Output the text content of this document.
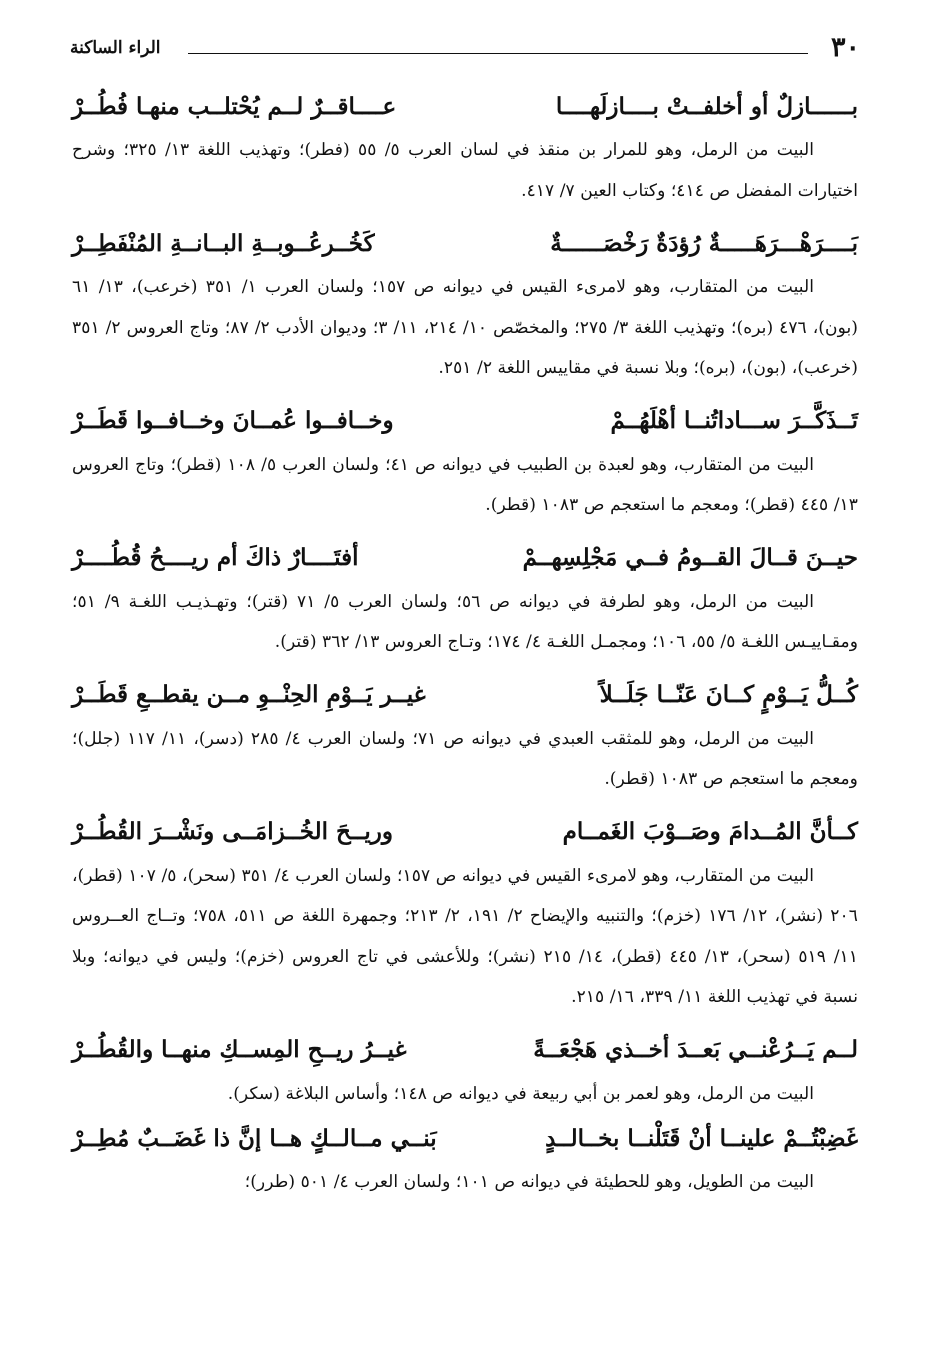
٣٠
الراء الساكنة
بــــــازلٌ أو أخلفــتْ بــــازلَهــــا
عــــاقــرٌ لــم يُحْتلــب منهـا فُطُــرْ

البيت من الرمل، وهو للمرار بن منقذ في لسان العرب ٥/ ٥٥ (فطر)؛ وتهذيب اللغة ١٣/ ٣٢٥؛ وشرح اختيارات المفضل ص ٤١٤؛ وكتاب العين ٧/ ٤١٧.

بَــــرَهْـــرَهَـــــةٌ رُؤدَةٌ رَخْصَــــــةٌ
كَخُــرعُــوبــةِ البــانــةِ المُنْفَطِــرْ

البيت من المتقارب، وهو لامرىء القيس في ديوانه ص ١٥٧؛ ولسان العرب ١/ ٣٥١ (خرعب)، ١٣/ ٦١ (بون)، ٤٧٦ (بره)؛ وتهذيب اللغة ٣/ ٢٧٥؛ والمخصّص ١٠/ ٢١٤، ١١/ ٣؛ وديوان الأدب ٢/ ٨٧؛ وتاج العروس ٢/ ٣٥١ (خرعب)، (بون)، (بره)؛ وبلا نسبة في مقاييس اللغة ٢/ ٢٥١.

تَــذَكَّــرَ ســـاداتُنــا أهْلَهُــمْ
وخــافــوا عُمــانَ وخــافــوا قَطَــرْ

البيت من المتقارب، وهو لعبدة بن الطبيب في ديوانه ص ٤١؛ ولسان العرب ٥/ ١٠٨ (قطر)؛ وتاج العروس ١٣/ ٤٤٥ (قطر)؛ ومعجم ما استعجم ص ١٠٨٣ (قطر).

حيــنَ قــالَ القــومُ فــي مَجْلِسِهــمْ
أفتَــــارٌ ذاكَ أم ريــــحُ قُطُــــرْ

البيت من الرمل، وهو لطرفة في ديوانه ص ٥٦؛ ولسان العرب ٥/ ٧١ (قتر)؛ وتهـذيـب اللغـة ٩/ ٥١؛ ومقـاييـس اللغـة ٥/ ٥٥، ١٠٦؛ ومجمـل اللغـة ٤/ ١٧٤؛ وتـاج العروس ١٣/ ٣٦٢ (قتر).

كُــلُّ يَــوْمٍ كــانَ عَنّــا جَلَــلاً
غيــر يَــوْمِ الحِنْــوِ مــن يقطــعِ قَطَــرْ

البيت من الرمل، وهو للمثقب العبدي في ديوانه ص ٧١؛ ولسان العرب ٤/ ٢٨٥ (دسر)، ١١/ ١١٧ (جلل)؛ ومعجم ما استعجم ص ١٠٨٣ (قطر).

كــأنَّ المُــدامَ وصَــوْبَ الغَمــام
وريــحَ الخُــزامَــى ونَشْــرَ القُطُــرْ

البيت من المتقارب، وهو لامرىء القيس في ديوانه ص ١٥٧؛ ولسان العرب ٤/ ٣٥١ (سحر)، ٥/ ١٠٧ (قطر)، ٢٠٦ (نشر)، ١٢/ ١٧٦ (خزم)؛ والتنبيه والإيضاح ٢/ ١٩١، ٢/ ٢١٣؛ وجمهرة اللغة ص ٥١١، ٧٥٨؛ وتــاج العــروس ١١/ ٥١٩ (سحر)، ١٣/ ٤٤٥ (قطر)، ١٤/ ٢١٥ (نشر)؛ وللأعشى في تاج العروس (خزم)؛ وليس في ديوانه؛ وبلا نسبة في تهذيب اللغة ١١/ ٣٣٩، ١٦/ ٢١٥.

لــم يَــرُعْنــي بَعــدَ أخــذي هَجْعَــةً
غيــرُ ريــحِ المِســكِ منهــا والقُطُــرْ

البيت من الرمل، وهو لعمر بن أبي ربيعة في ديوانه ص ١٤٨؛ وأساس البلاغة (سكر).

غَضِبْتُــمْ علينــا أنْ قَتَلْنــا بخــالــدٍ
بَنــي مــالــكٍ هــا إنَّ ذا غَضَــبٌ مُطِــرْ

البيت من الطويل، وهو للحطيئة في ديوانه ص ١٠١؛ ولسان العرب ٤/ ٥٠١ (طرر)؛
